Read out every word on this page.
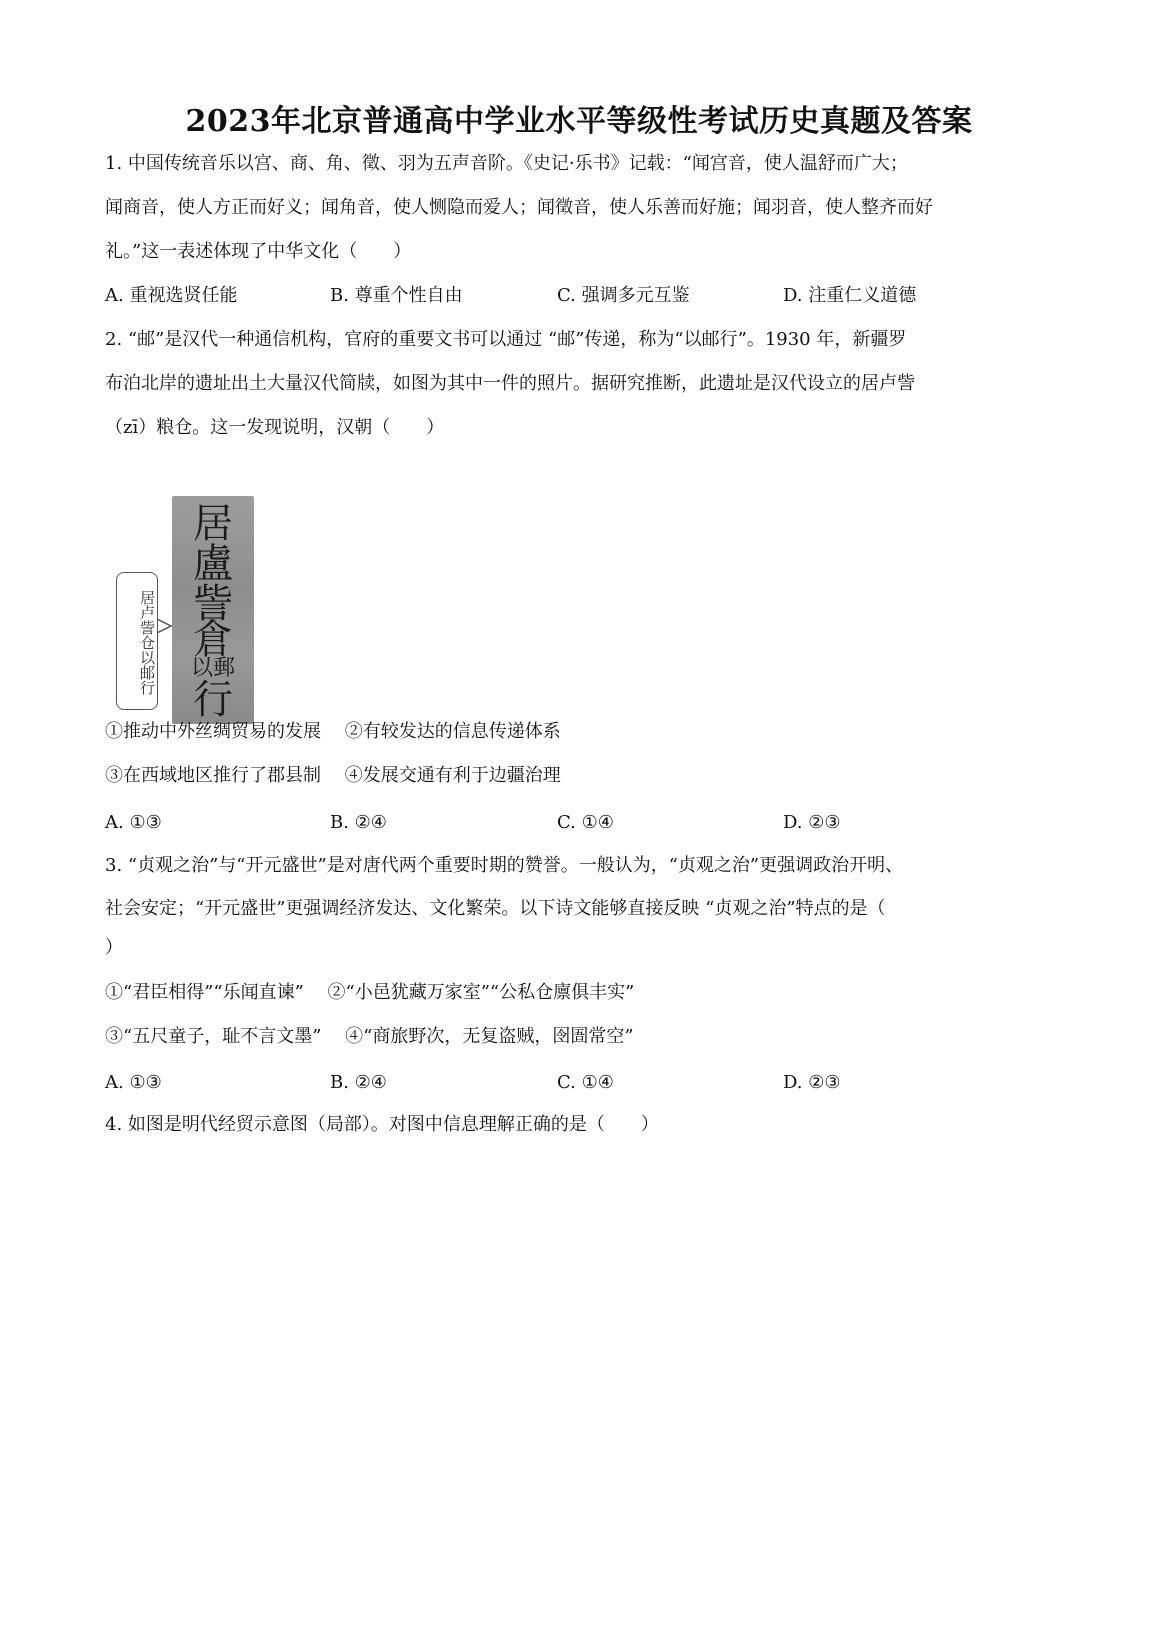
2023年北京普通高中学业水平等级性考试历史真题及答案
1. 中国传统音乐以宫、商、角、徵、羽为五声音阶。《史记·乐书》记载：“闻宫音，使人温舒而广大；
闻商音，使人方正而好义；闻角音，使人恻隐而爱人；闻徵音，使人乐善而好施；闻羽音，使人整齐而好
礼。”这一表述体现了中华文化（　　）
A. 重视选贤任能	B. 尊重个性自由	C. 强调多元互鉴	D. 注重仁义道德
2. “邮”是汉代一种通信机构，官府的重要文书可以通过 “邮”传递，称为“以邮行”。1930 年，新疆罗
布泊北岸的遗址出土大量汉代简牍，如图为其中一件的照片。据研究推断，此遗址是汉代设立的居卢訾
（zī）粮仓。这一发现说明，汉朝（　　）
居
盧
訾
倉
以郵
行
居卢訾仓以邮行
①推动中外丝绸贸易的发展　 ②有较发达的信息传递体系
③在西域地区推行了郡县制　 ④发展交通有利于边疆治理
A. ①③	B. ②④	C. ①④	D. ②③
3. “贞观之治”与“开元盛世”是对唐代两个重要时期的赞誉。一般认为，“贞观之治”更强调政治开明、
社会安定；“开元盛世”更强调经济发达、文化繁荣。以下诗文能够直接反映 “贞观之治”特点的是（
）
①“君臣相得”“乐闻直谏”　 ②“小邑犹藏万家室”“公私仓廪俱丰实”
③“五尺童子，耻不言文墨”　 ④“商旅野次，无复盗贼，囹圄常空”
A. ①③	B. ②④	C. ①④	D. ②③
4. 如图是明代经贸示意图（局部）。对图中信息理解正确的是（　　）
